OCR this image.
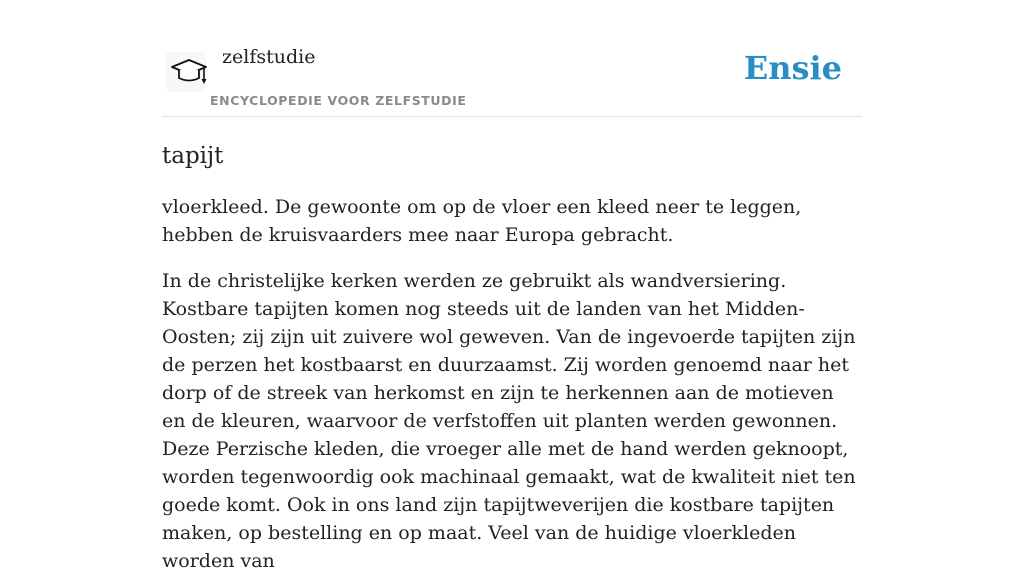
zelfstudie
ENCYCLOPEDIE VOOR ZELFSTUDIE
Ensie
tapijt

vloerkleed. De gewoonte om op de vloer een kleed neer te leggen, hebben de kruisvaarders mee naar Europa gebracht.

In de christelijke kerken werden ze gebruikt als wandversiering. Kostbare tapijten komen nog steeds uit de landen van het Midden-Oosten; zij zijn uit zuivere wol geweven. Van de ingevoerde tapijten zijn de perzen het kostbaarst en duurzaamst. Zij worden genoemd naar het dorp of de streek van herkomst en zijn te herkennen aan de motieven en de kleuren, waarvoor de verfstoffen uit planten werden gewonnen. Deze Perzische kleden, die vroeger alle met de hand werden geknoopt, worden tegenwoordig ook machinaal gemaakt, wat de kwaliteit niet ten goede komt. Ook in ons land zijn tapijtweverijen die kostbare tapijten maken, op bestelling en op maat. Veel van de huidige vloerkleden worden van
